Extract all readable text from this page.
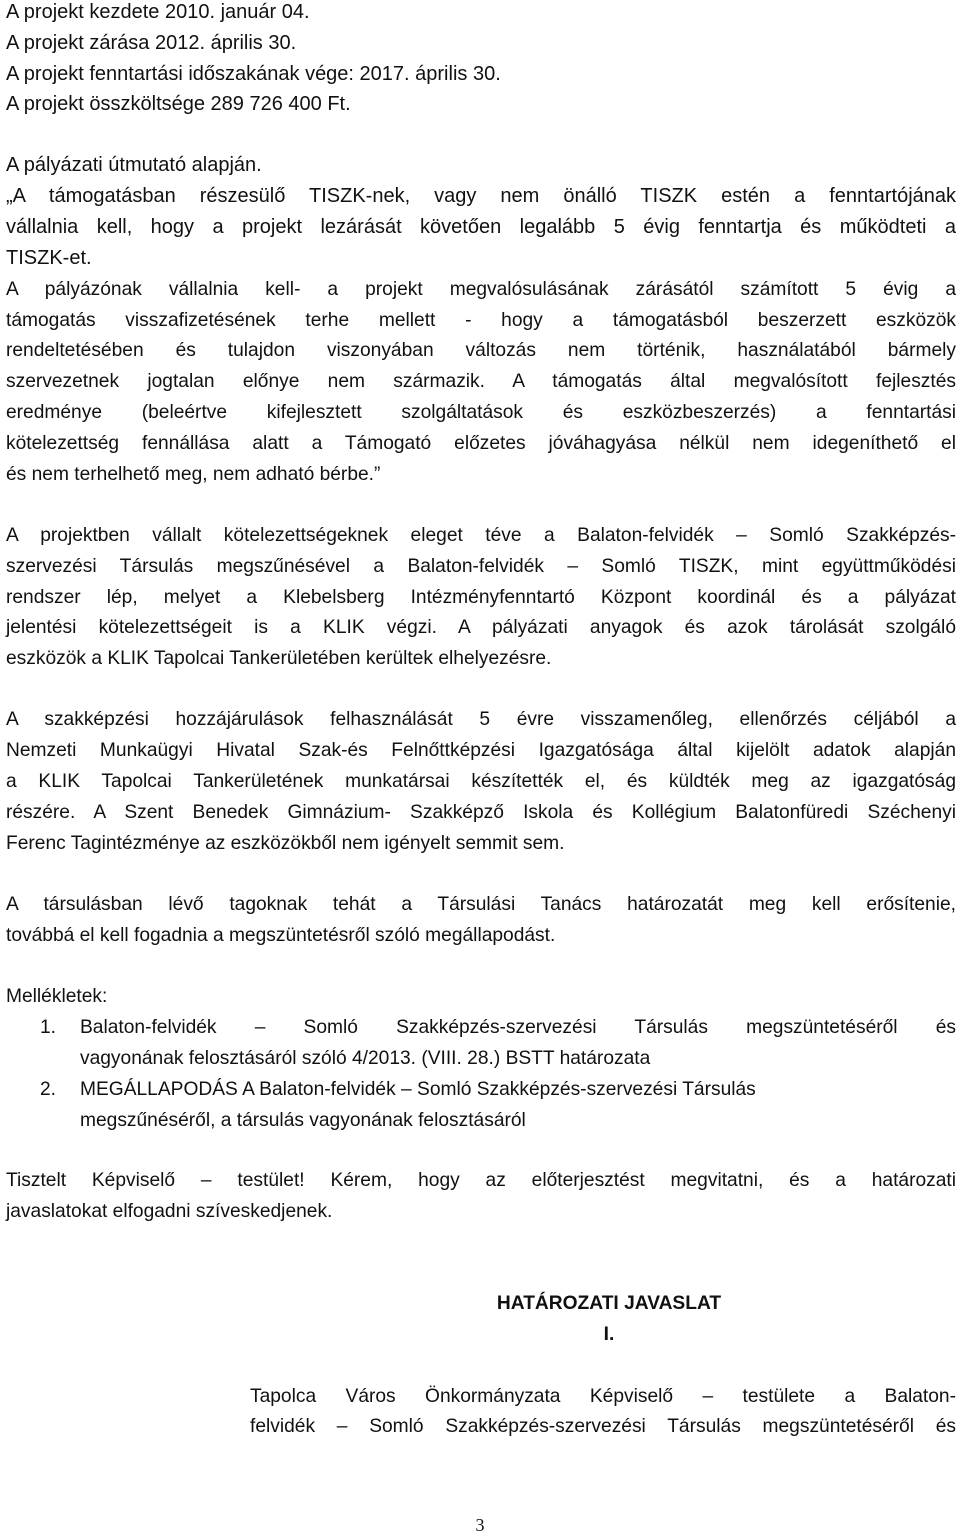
A projekt kezdete 2010. január 04.
A projekt zárása 2012. április 30.
A projekt fenntartási időszakának vége: 2017. április 30.
A projekt összköltsége 289 726 400 Ft.
A pályázati útmutató alapján.
„A támogatásban részesülő TISZK-nek, vagy nem önálló TISZK estén a fenntartójának
vállalnia kell, hogy a projekt lezárását követően legalább 5 évig fenntartja és működteti a
TISZK-et.
A pályázónak vállalnia kell- a projekt megvalósulásának zárásától számított 5 évig a
támogatás visszafizetésének terhe mellett - hogy a támogatásból beszerzett eszközök
rendeltetésében és tulajdon viszonyában változás nem történik, használatából bármely
szervezetnek jogtalan előnye nem származik. A támogatás által megvalósított fejlesztés
eredménye (beleértve kifejlesztett szolgáltatások és eszközbeszerzés) a fenntartási
kötelezettség fennállása alatt a Támogató előzetes jóváhagyása nélkül nem idegeníthető el
és nem terhelhető meg, nem adható bérbe.”
A projektben vállalt kötelezettségeknek eleget téve a Balaton-felvidék – Somló Szakképzés-
szervezési Társulás megszűnésével a Balaton-felvidék – Somló TISZK, mint együttműködési
rendszer lép, melyet a Klebelsberg Intézményfenntartó Központ koordinál és a pályázat
jelentési kötelezettségeit is a KLIK végzi. A pályázati anyagok és azok tárolását szolgáló
eszközök a KLIK Tapolcai Tankerületében kerültek elhelyezésre.
A szakképzési hozzájárulások felhasználását 5 évre visszamenőleg, ellenőrzés céljából a
Nemzeti Munkaügyi Hivatal Szak-és Felnőttképzési Igazgatósága által kijelölt adatok alapján
a KLIK Tapolcai Tankerületének munkatársai készítették el, és küldték meg az igazgatóság
részére. A Szent Benedek Gimnázium- Szakképző Iskola és Kollégium Balatonfüredi Széchenyi
Ferenc Tagintézménye az eszközökből nem igényelt semmit sem.
A társulásban lévő tagoknak tehát a Társulási Tanács határozatát meg kell erősítenie,
továbbá el kell fogadnia a megszüntetésről szóló megállapodást.
Mellékletek:
1. Balaton-felvidék – Somló Szakképzés-szervezési Társulás megszüntetéséről és
vagyonának felosztásáról szóló 4/2013. (VIII. 28.) BSTT határozata
2. MEGÁLLAPODÁS A Balaton-felvidék – Somló Szakképzés-szervezési Társulás
megszűnéséről, a társulás vagyonának felosztásáról
Tisztelt Képviselő – testület! Kérem, hogy az előterjesztést megvitatni, és a határozati
javaslatokat elfogadni szíveskedjenek.
HATÁROZATI JAVASLAT
I.
Tapolca Város Önkormányzata Képviselő – testülete a Balaton-
felvidék – Somló Szakképzés-szervezési Társulás megszüntetéséről és
3
